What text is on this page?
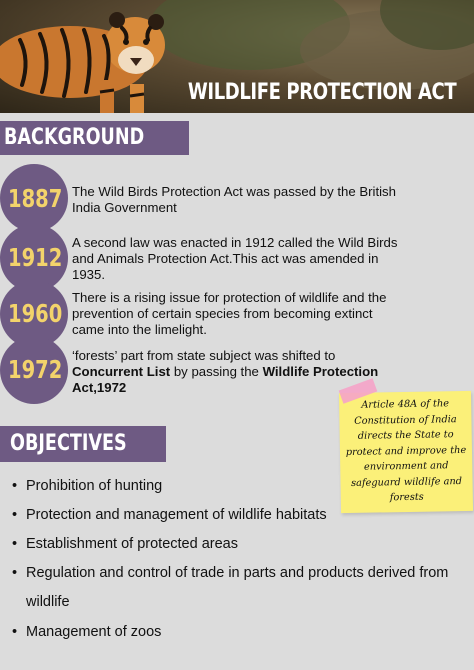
WILDLIFE PROTECTION ACT
BACKGROUND
1887 The Wild Birds Protection Act was passed by the British India Government
1912
A second law was enacted in 1912 called the Wild Birds and Animals Protection Act.This act was amended in 1935.
1960
There is a rising issue for protection of wildlife and the prevention of certain species from becoming extinct came into the limelight.
1972 ‘forests’ part from state subject was shifted to Concurrent List by passing the Wildlife Protection Act,1972
Article 48A of the Constitution of India directs the State to protect and improve the environment and safeguard wildlife and forests
OBJECTIVES
• Prohibition of hunting
• Protection and management of wildlife habitats
• Establishment of protected areas
• Regulation and control of trade in parts and products derived from wildlife
• Management of zoos
